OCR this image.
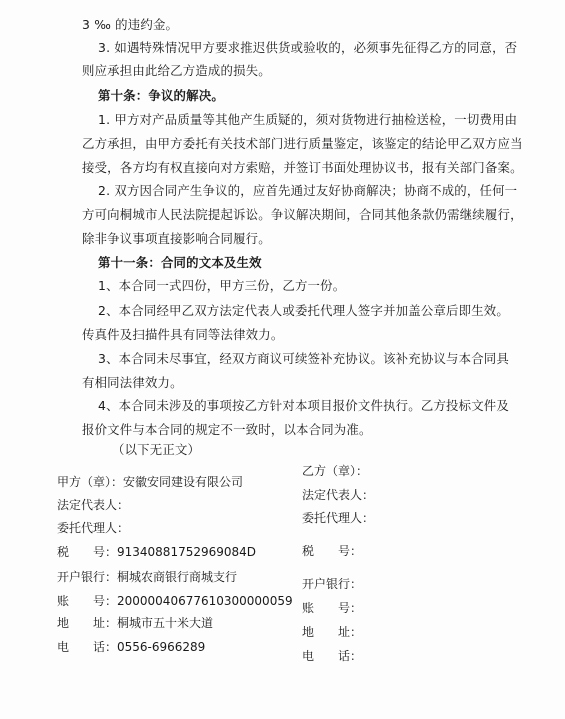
3 ‰ 的违约金。
3. 如遇特殊情况甲方要求推迟供货或验收的，必须事先征得乙方的同意，否
则应承担由此给乙方造成的损失。
第十条：争议的解决。
1. 甲方对产品质量等其他产生质疑的，须对货物进行抽检送检，一切费用由
乙方承担，由甲方委托有关技术部门进行质量鉴定，该鉴定的结论甲乙双方应当
接受，各方均有权直接向对方索赔，并签订书面处理协议书，报有关部门备案。
2. 双方因合同产生争议的，应首先通过友好协商解决；协商不成的，任何一
方可向桐城市人民法院提起诉讼。争议解决期间，合同其他条款仍需继续履行，
除非争议事项直接影响合同履行。
第十一条：合同的文本及生效
1、本合同一式四份，甲方三份，乙方一份。
2、本合同经甲乙双方法定代表人或委托代理人签字并加盖公章后即生效。
传真件及扫描件具有同等法律效力。
3、本合同未尽事宜，经双方商议可续签补充协议。该补充协议与本合同具
有相同法律效力。
4、本合同未涉及的事项按乙方针对本项目报价文件执行。乙方投标文件及
报价文件与本合同的规定不一致时，以本合同为准。
（以下无正文）
甲方（章）：安徽安同建设有限公司
法定代表人：
委托代理人：
税　　号：91340881752969084D
开户银行：桐城农商银行商城支行
账　　号：20000040677610300000059
地　　址：桐城市五十米大道
电　　话：0556-6966289
乙方（章）：
法定代表人：
委托代理人：
税　　号：
开户银行：
账　　号：
地　　址：
电　　话：
